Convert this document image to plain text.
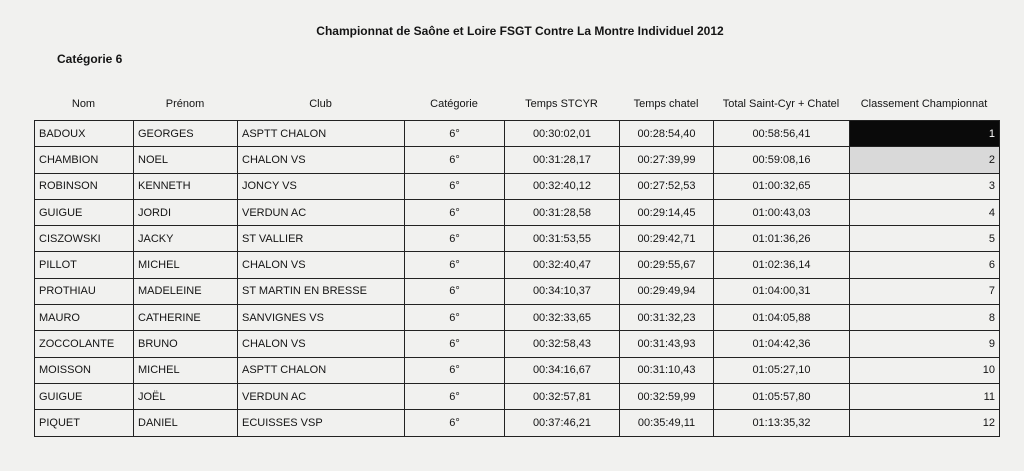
Championnat de Saône et Loire FSGT Contre La Montre Individuel 2012
Catégorie 6
Nom	Prénom	Club	Catégorie	Temps STCYR	Temps chatel	Total Saint-Cyr + Chatel	Classement Championnat
BADOUX	GEORGES	ASPTT CHALON	6°	00:30:02,01	00:28:54,40	00:58:56,41	1
CHAMBION	NOEL	CHALON VS	6°	00:31:28,17	00:27:39,99	00:59:08,16	2
ROBINSON	KENNETH	JONCY VS	6°	00:32:40,12	00:27:52,53	01:00:32,65	3
GUIGUE	JORDI	VERDUN AC	6°	00:31:28,58	00:29:14,45	01:00:43,03	4
CISZOWSKI	JACKY	ST VALLIER	6°	00:31:53,55	00:29:42,71	01:01:36,26	5
PILLOT	MICHEL	CHALON VS	6°	00:32:40,47	00:29:55,67	01:02:36,14	6
PROTHIAU	MADELEINE	ST MARTIN EN BRESSE	6°	00:34:10,37	00:29:49,94	01:04:00,31	7
MAURO	CATHERINE	SANVIGNES VS	6°	00:32:33,65	00:31:32,23	01:04:05,88	8
ZOCCOLANTE	BRUNO	CHALON VS	6°	00:32:58,43	00:31:43,93	01:04:42,36	9
MOISSON	MICHEL	ASPTT CHALON	6°	00:34:16,67	00:31:10,43	01:05:27,10	10
GUIGUE	JOËL	VERDUN AC	6°	00:32:57,81	00:32:59,99	01:05:57,80	11
PIQUET	DANIEL	ECUISSES VSP	6°	00:37:46,21	00:35:49,11	01:13:35,32	12
